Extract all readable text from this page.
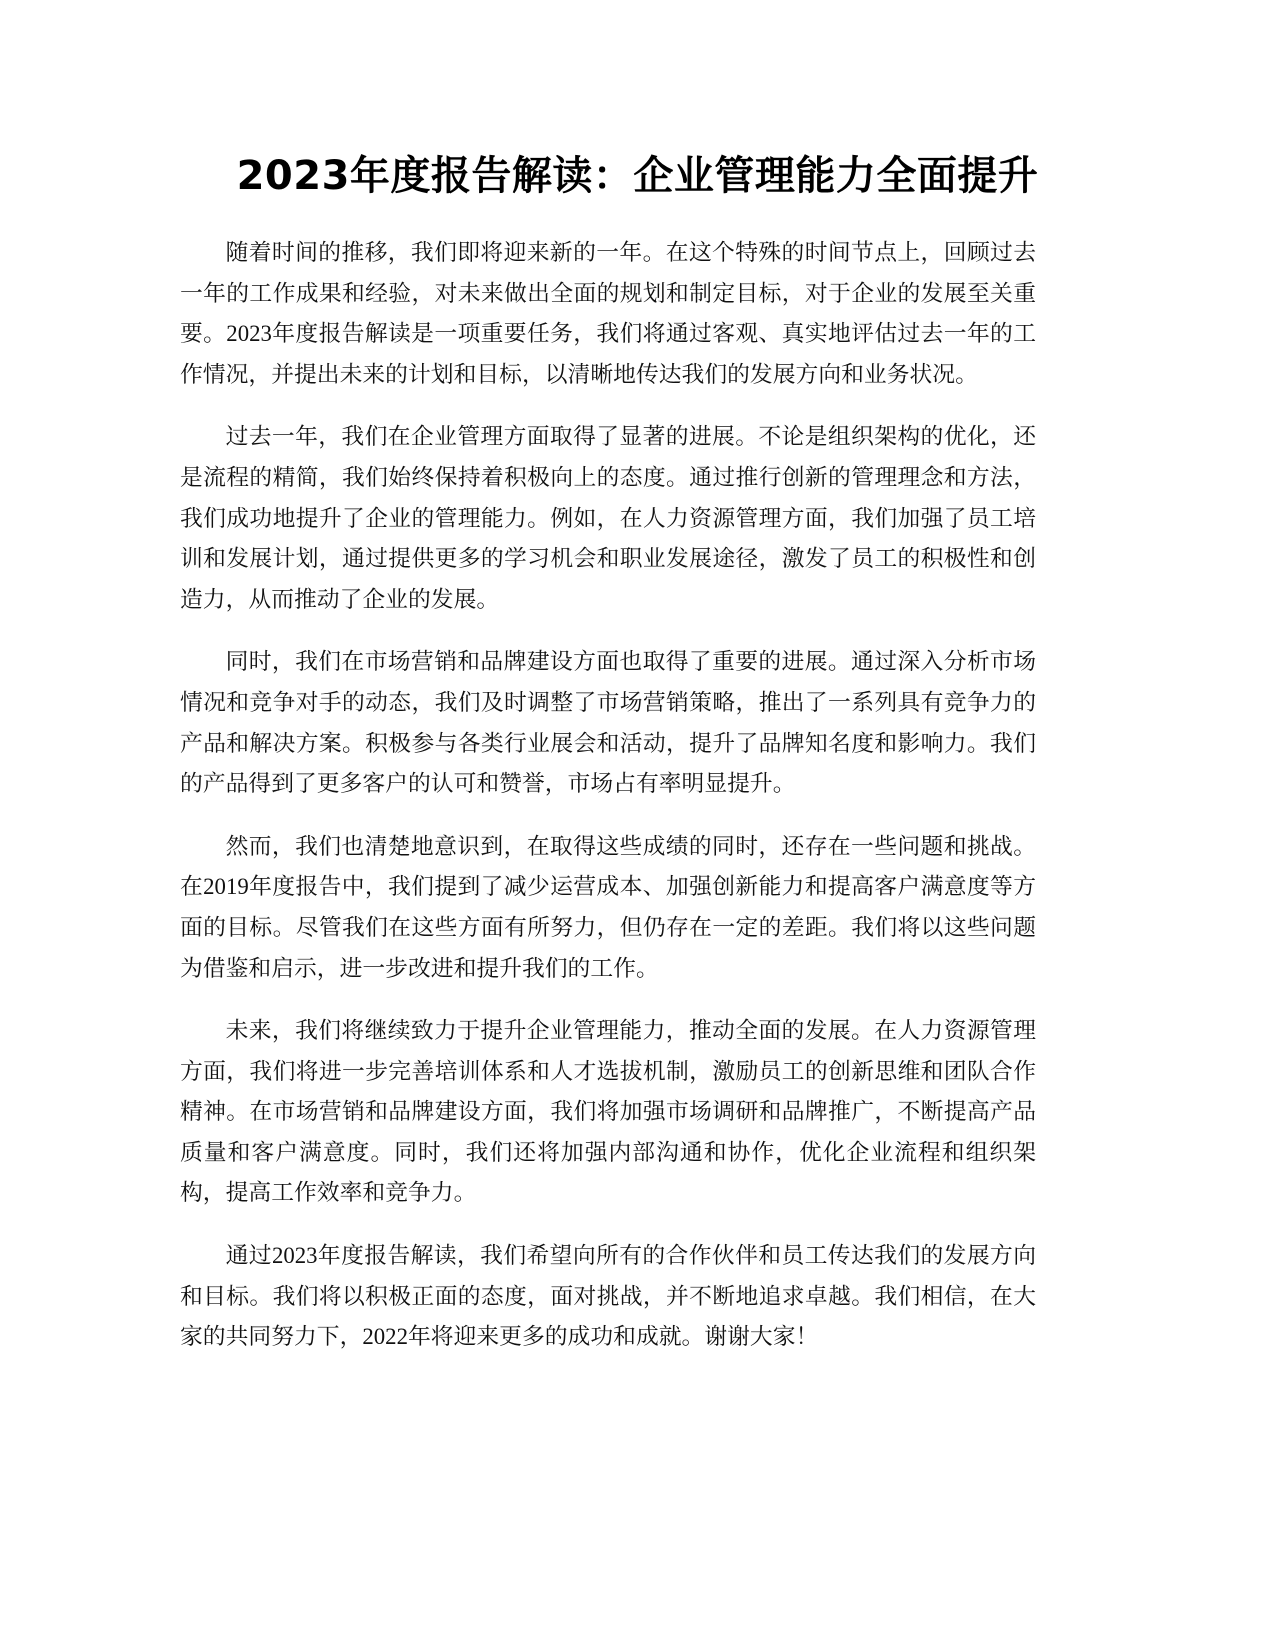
2023年度报告解读：企业管理能力全面提升

随着时间的推移，我们即将迎来新的一年。在这个特殊的时间节点上，回顾过去一年的工作成果和经验，对未来做出全面的规划和制定目标，对于企业的发展至关重要。2023年度报告解读是一项重要任务，我们将通过客观、真实地评估过去一年的工作情况，并提出未来的计划和目标，以清晰地传达我们的发展方向和业务状况。

过去一年，我们在企业管理方面取得了显著的进展。不论是组织架构的优化，还是流程的精简，我们始终保持着积极向上的态度。通过推行创新的管理理念和方法，我们成功地提升了企业的管理能力。例如，在人力资源管理方面，我们加强了员工培训和发展计划，通过提供更多的学习机会和职业发展途径，激发了员工的积极性和创造力，从而推动了企业的发展。

同时，我们在市场营销和品牌建设方面也取得了重要的进展。通过深入分析市场情况和竞争对手的动态，我们及时调整了市场营销策略，推出了一系列具有竞争力的产品和解决方案。积极参与各类行业展会和活动，提升了品牌知名度和影响力。我们的产品得到了更多客户的认可和赞誉，市场占有率明显提升。

然而，我们也清楚地意识到，在取得这些成绩的同时，还存在一些问题和挑战。在2019年度报告中，我们提到了减少运营成本、加强创新能力和提高客户满意度等方面的目标。尽管我们在这些方面有所努力，但仍存在一定的差距。我们将以这些问题为借鉴和启示，进一步改进和提升我们的工作。

未来，我们将继续致力于提升企业管理能力，推动全面的发展。在人力资源管理方面，我们将进一步完善培训体系和人才选拔机制，激励员工的创新思维和团队合作精神。在市场营销和品牌建设方面，我们将加强市场调研和品牌推广，不断提高产品质量和客户满意度。同时，我们还将加强内部沟通和协作，优化企业流程和组织架构，提高工作效率和竞争力。

通过2023年度报告解读，我们希望向所有的合作伙伴和员工传达我们的发展方向和目标。我们将以积极正面的态度，面对挑战，并不断地追求卓越。我们相信，在大家的共同努力下，2022年将迎来更多的成功和成就。谢谢大家！
